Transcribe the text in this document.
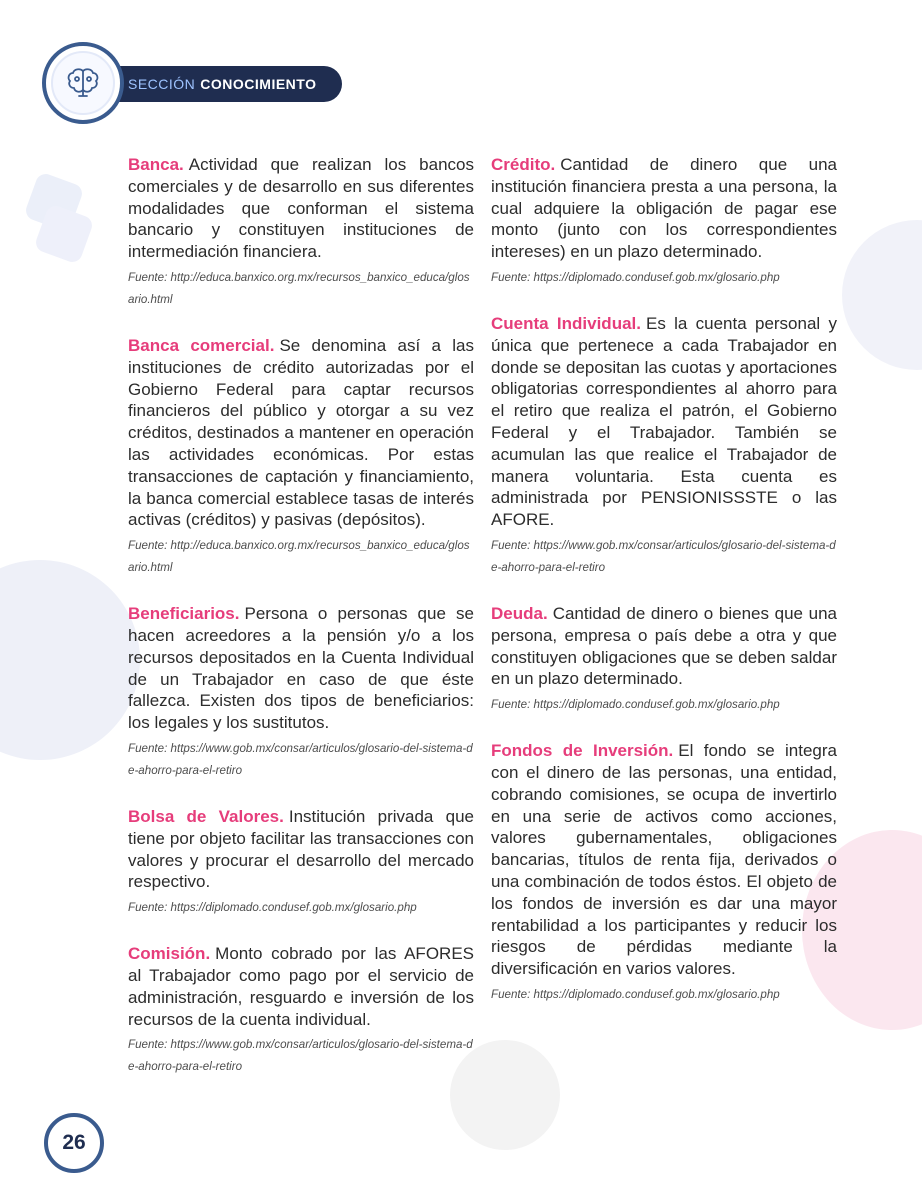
SECCIÓN CONOCIMIENTO

Banca. Actividad que realizan los bancos comerciales y de desarrollo en sus diferentes modalidades que conforman el sistema bancario y constituyen instituciones de intermediación financiera.

Fuente: http://educa.banxico.org.mx/recursos_banxico_educa/glosario.html

Banca comercial. Se denomina así a las instituciones de crédito autorizadas por el Gobierno Federal para captar recursos financieros del público y otorgar a su vez créditos, destinados a mantener en operación las actividades económicas. Por estas transacciones de captación y financiamiento, la banca comercial establece tasas de interés activas (créditos) y pasivas (depósitos).

Fuente: http://educa.banxico.org.mx/recursos_banxico_educa/glosario.html

Beneficiarios. Persona o personas que se hacen acreedores a la pensión y/o a los recursos depositados en la Cuenta Individual de un Trabajador en caso de que éste fallezca. Existen dos tipos de beneficiarios: los legales y los sustitutos.

Fuente: https://www.gob.mx/consar/articulos/glosario-del-sistema-de-ahorro-para-el-retiro

Bolsa de Valores. Institución privada que tiene por objeto facilitar las transacciones con valores y procurar el desarrollo del mercado respectivo.

Fuente: https://diplomado.condusef.gob.mx/glosario.php

Comisión. Monto cobrado por las AFORES al Trabajador como pago por el servicio de administración, resguardo e inversión de los recursos de la cuenta individual.

Fuente: https://www.gob.mx/consar/articulos/glosario-del-sistema-de-ahorro-para-el-retiro

Crédito. Cantidad de dinero que una institución financiera presta a una persona, la cual adquiere la obligación de pagar ese monto (junto con los correspondientes intereses) en un plazo determinado.

Fuente: https://diplomado.condusef.gob.mx/glosario.php

Cuenta Individual. Es la cuenta personal y única que pertenece a cada Trabajador en donde se depositan las cuotas y aportaciones obligatorias correspondientes al ahorro para el retiro que realiza el patrón, el Gobierno Federal y el Trabajador. También se acumulan las que realice el Trabajador de manera voluntaria. Esta cuenta es administrada por PENSIONISSSTE o las AFORE.

Fuente: https://www.gob.mx/consar/articulos/glosario-del-sistema-de-ahorro-para-el-retiro

Deuda. Cantidad de dinero o bienes que una persona, empresa o país debe a otra y que constituyen obligaciones que se deben saldar en un plazo determinado.

Fuente: https://diplomado.condusef.gob.mx/glosario.php

Fondos de Inversión. El fondo se integra con el dinero de las personas, una entidad, cobrando comisiones, se ocupa de invertirlo en una serie de activos como acciones, valores gubernamentales, obligaciones bancarias, títulos de renta fija, derivados o una combinación de todos éstos. El objeto de los fondos de inversión es dar una mayor rentabilidad a los participantes y reducir los riesgos de pérdidas mediante la diversificación en varios valores.

Fuente: https://diplomado.condusef.gob.mx/glosario.php

26
